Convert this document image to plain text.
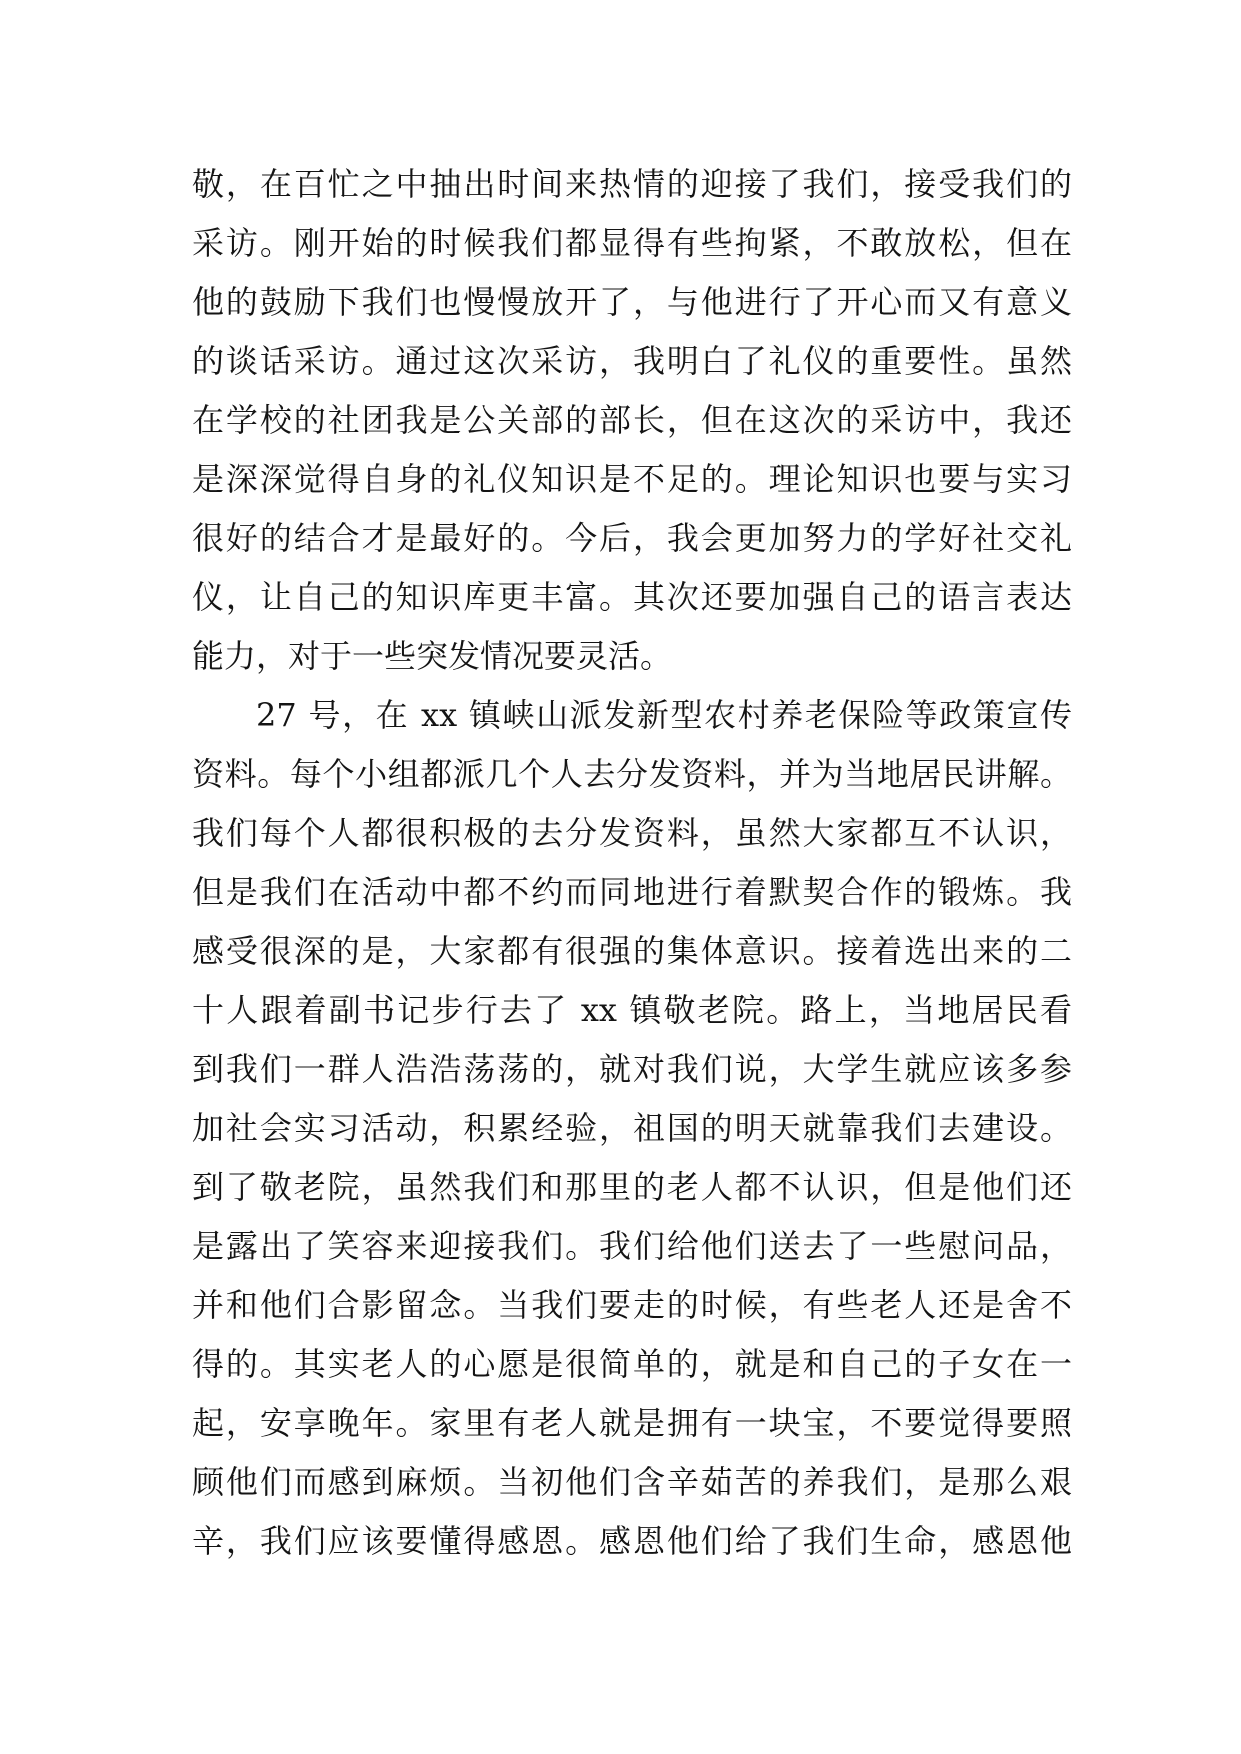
敬，在百忙之中抽出时间来热情的迎接了我们，接受我们的
采访。刚开始的时候我们都显得有些拘紧，不敢放松，但在
他的鼓励下我们也慢慢放开了，与他进行了开心而又有意义
的谈话采访。通过这次采访，我明白了礼仪的重要性。虽然
在学校的社团我是公关部的部长，但在这次的采访中，我还
是深深觉得自身的礼仪知识是不足的。理论知识也要与实习
很好的结合才是最好的。今后，我会更加努力的学好社交礼
仪，让自己的知识库更丰富。其次还要加强自己的语言表达
能力，对于一些突发情况要灵活。
27 号，在 xx 镇峡山派发新型农村养老保险等政策宣传
资料。每个小组都派几个人去分发资料，并为当地居民讲解。
我们每个人都很积极的去分发资料，虽然大家都互不认识，
但是我们在活动中都不约而同地进行着默契合作的锻炼。我
感受很深的是，大家都有很强的集体意识。接着选出来的二
十人跟着副书记步行去了 xx 镇敬老院。路上，当地居民看
到我们一群人浩浩荡荡的，就对我们说，大学生就应该多参
加社会实习活动，积累经验，祖国的明天就靠我们去建设。
到了敬老院，虽然我们和那里的老人都不认识，但是他们还
是露出了笑容来迎接我们。我们给他们送去了一些慰问品，
并和他们合影留念。当我们要走的时候，有些老人还是舍不
得的。其实老人的心愿是很简单的，就是和自己的子女在一
起，安享晚年。家里有老人就是拥有一块宝，不要觉得要照
顾他们而感到麻烦。当初他们含辛茹苦的养我们，是那么艰
辛，我们应该要懂得感恩。感恩他们给了我们生命，感恩他
